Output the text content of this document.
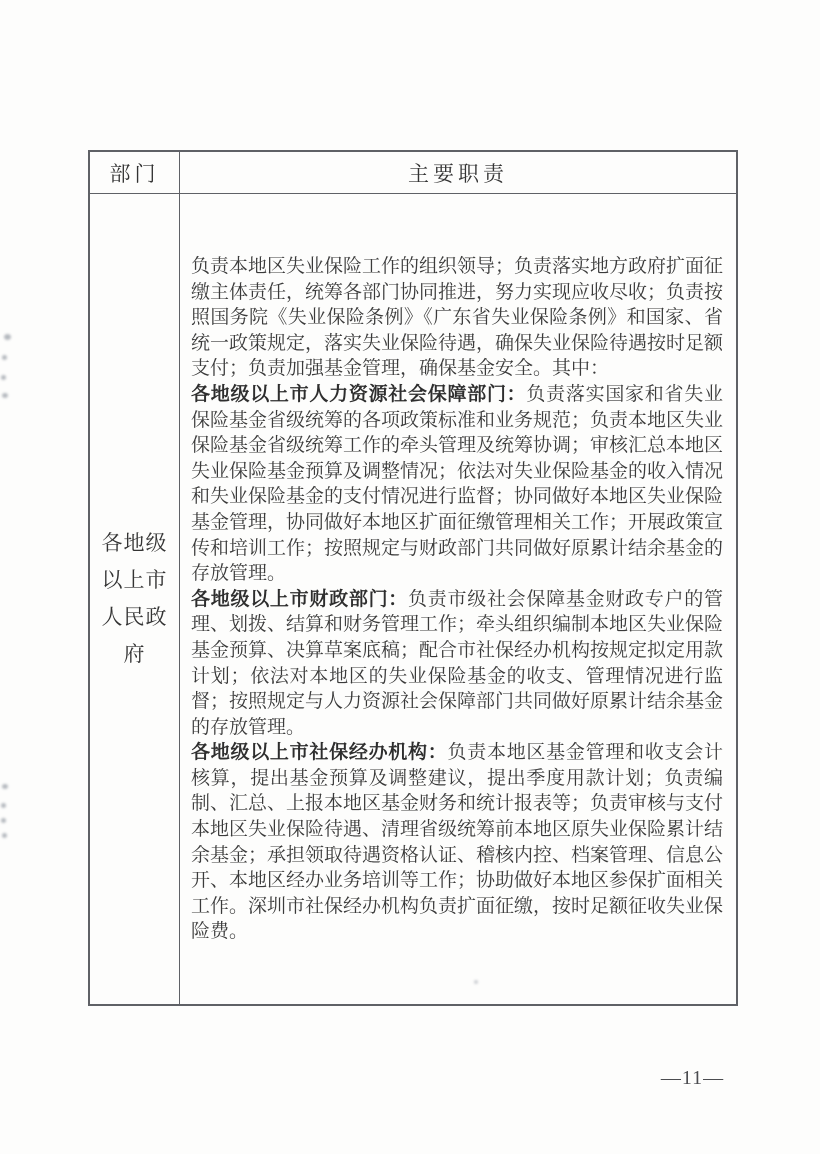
部门	主要职责
各地级以上市人民政府

负责本地区失业保险工作的组织领导；负责落实地方政府扩面征缴主体责任，统筹各部门协同推进，努力实现应收尽收；负责按照国务院《失业保险条例》《广东省失业保险条例》和国家、省统一政策规定，落实失业保险待遇，确保失业保险待遇按时足额支付；负责加强基金管理，确保基金安全。其中：

各地级以上市人力资源社会保障部门：负责落实国家和省失业保险基金省级统筹的各项政策标准和业务规范；负责本地区失业保险基金省级统筹工作的牵头管理及统筹协调；审核汇总本地区失业保险基金预算及调整情况；依法对失业保险基金的收入情况和失业保险基金的支付情况进行监督；协同做好本地区失业保险基金管理，协同做好本地区扩面征缴管理相关工作；开展政策宣传和培训工作；按照规定与财政部门共同做好原累计结余基金的存放管理。

各地级以上市财政部门：负责市级社会保障基金财政专户的管理、划拨、结算和财务管理工作；牵头组织编制本地区失业保险基金预算、决算草案底稿；配合市社保经办机构按规定拟定用款计划；依法对本地区的失业保险基金的收支、管理情况进行监督；按照规定与人力资源社会保障部门共同做好原累计结余基金的存放管理。

各地级以上市社保经办机构：负责本地区基金管理和收支会计核算，提出基金预算及调整建议，提出季度用款计划；负责编制、汇总、上报本地区基金财务和统计报表等；负责审核与支付本地区失业保险待遇、清理省级统筹前本地区原失业保险累计结余基金；承担领取待遇资格认证、稽核内控、档案管理、信息公开、本地区经办业务培训等工作；协助做好本地区参保扩面相关工作。深圳市社保经办机构负责扩面征缴，按时足额征收失业保险费。

—11—
